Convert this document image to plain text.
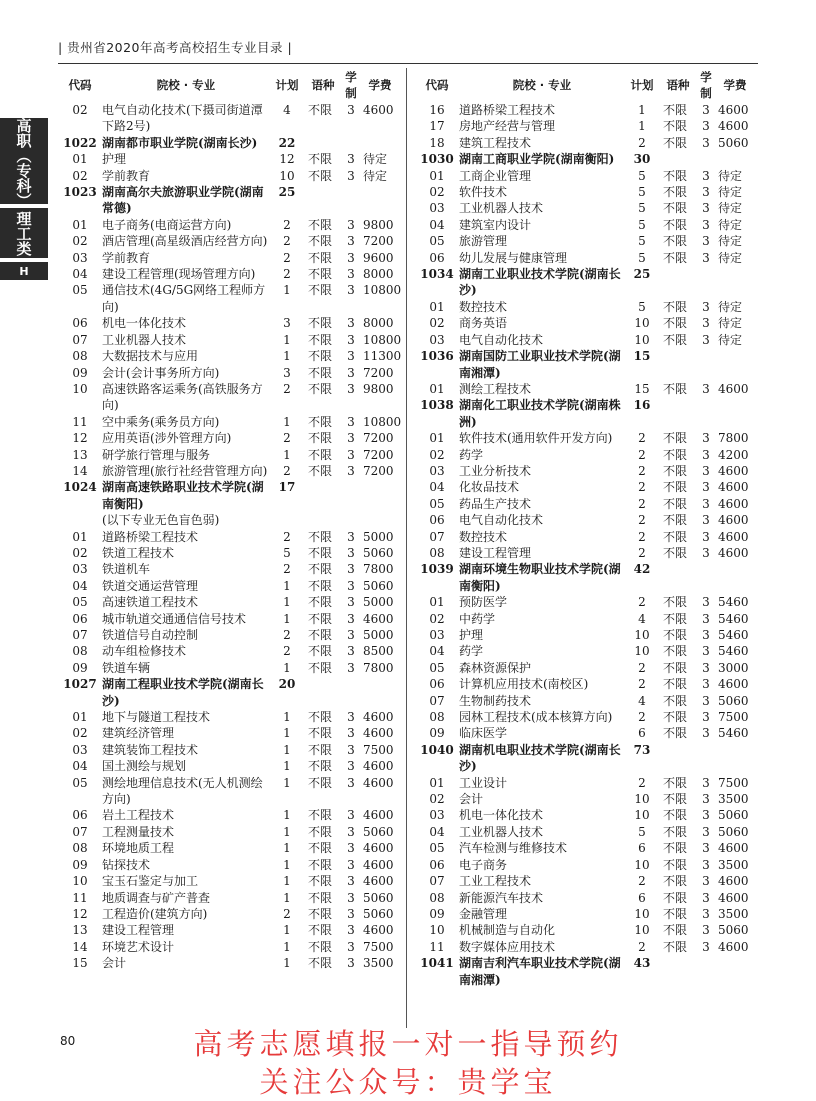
| 贵州省2020年高考高校招生专业目录 |
高职（专科）
理工类
H
代码	院校 · 专业	计划	语种	学制	学费
02	电气自动化技术(下摄司街道潭下路2号)	4	不限	3	4600
1022	湖南都市职业学院(湖南长沙)	22			
01	护理	12	不限	3	待定
02	学前教育	10	不限	3	待定
1023	湖南高尔夫旅游职业学院(湖南常德)	25			
01	电子商务(电商运营方向)	2	不限	3	9800
02	酒店管理(高星级酒店经营方向)	2	不限	3	7200
03	学前教育	2	不限	3	9600
04	建设工程管理(现场管理方向)	2	不限	3	8000
05	通信技术(4G/5G网络工程师方向)	1	不限	3	10800
06	机电一体化技术	3	不限	3	8000
07	工业机器人技术	1	不限	3	10800
08	大数据技术与应用	1	不限	3	11300
09	会计(会计事务所方向)	3	不限	3	7200
10	高速铁路客运乘务(高铁服务方向)	2	不限	3	9800
11	空中乘务(乘务员方向)	1	不限	3	10800
12	应用英语(涉外管理方向)	2	不限	3	7200
13	研学旅行管理与服务	1	不限	3	7200
14	旅游管理(旅行社经营管理方向)	2	不限	3	7200
1024	湖南高速铁路职业技术学院(湖南衡阳)	17			
	(以下专业无色盲色弱)				
01	道路桥梁工程技术	2	不限	3	5000
02	铁道工程技术	5	不限	3	5060
03	铁道机车	2	不限	3	7800
04	铁道交通运营管理	1	不限	3	5060
05	高速铁道工程技术	1	不限	3	5000
06	城市轨道交通通信信号技术	1	不限	3	4600
07	铁道信号自动控制	2	不限	3	5000
08	动车组检修技术	2	不限	3	8500
09	铁道车辆	1	不限	3	7800
1027	湖南工程职业技术学院(湖南长沙)	20			
01	地下与隧道工程技术	1	不限	3	4600
02	建筑经济管理	1	不限	3	4600
03	建筑装饰工程技术	1	不限	3	7500
04	国土测绘与规划	1	不限	3	4600
05	测绘地理信息技术(无人机测绘方向)	1	不限	3	4600
06	岩土工程技术	1	不限	3	4600
07	工程测量技术	1	不限	3	5060
08	环境地质工程	1	不限	3	4600
09	钻探技术	1	不限	3	4600
10	宝玉石鉴定与加工	1	不限	3	4600
11	地质调查与矿产普查	1	不限	3	5060
12	工程造价(建筑方向)	2	不限	3	5060
13	建设工程管理	1	不限	3	4600
14	环境艺术设计	1	不限	3	7500
15	会计	1	不限	3	3500
代码	院校 · 专业	计划	语种	学制	学费
16	道路桥梁工程技术	1	不限	3	4600
17	房地产经营与管理	1	不限	3	4600
18	建筑工程技术	2	不限	3	5060
1030	湖南工商职业学院(湖南衡阳)	30			
01	工商企业管理	5	不限	3	待定
02	软件技术	5	不限	3	待定
03	工业机器人技术	5	不限	3	待定
04	建筑室内设计	5	不限	3	待定
05	旅游管理	5	不限	3	待定
06	幼儿发展与健康管理	5	不限	3	待定
1034	湖南工业职业技术学院(湖南长沙)	25			
01	数控技术	5	不限	3	待定
02	商务英语	10	不限	3	待定
03	电气自动化技术	10	不限	3	待定
1036	湖南国防工业职业技术学院(湖南湘潭)	15			
01	测绘工程技术	15	不限	3	4600
1038	湖南化工职业技术学院(湖南株洲)	16			
01	软件技术(通用软件开发方向)	2	不限	3	7800
02	药学	2	不限	3	4200
03	工业分析技术	2	不限	3	4600
04	化妆品技术	2	不限	3	4600
05	药品生产技术	2	不限	3	4600
06	电气自动化技术	2	不限	3	4600
07	数控技术	2	不限	3	4600
08	建设工程管理	2	不限	3	4600
1039	湖南环境生物职业技术学院(湖南衡阳)	42			
01	预防医学	2	不限	3	5460
02	中药学	4	不限	3	5460
03	护理	10	不限	3	5460
04	药学	10	不限	3	5460
05	森林资源保护	2	不限	3	3000
06	计算机应用技术(南校区)	2	不限	3	4600
07	生物制药技术	4	不限	3	5060
08	园林工程技术(成本核算方向)	2	不限	3	7500
09	临床医学	6	不限	3	5460
1040	湖南机电职业技术学院(湖南长沙)	73			
01	工业设计	2	不限	3	7500
02	会计	10	不限	3	3500
03	机电一体化技术	10	不限	3	5060
04	工业机器人技术	5	不限	3	5060
05	汽车检测与维修技术	6	不限	3	4600
06	电子商务	10	不限	3	3500
07	工业工程技术	2	不限	3	4600
08	新能源汽车技术	6	不限	3	4600
09	金融管理	10	不限	3	3500
10	机械制造与自动化	10	不限	3	5060
11	数字媒体应用技术	2	不限	3	4600
1041	湖南吉利汽车职业技术学院(湖南湘潭)	43			
80	高考志愿填报一对一指导预约
关注公众号：贵学宝
